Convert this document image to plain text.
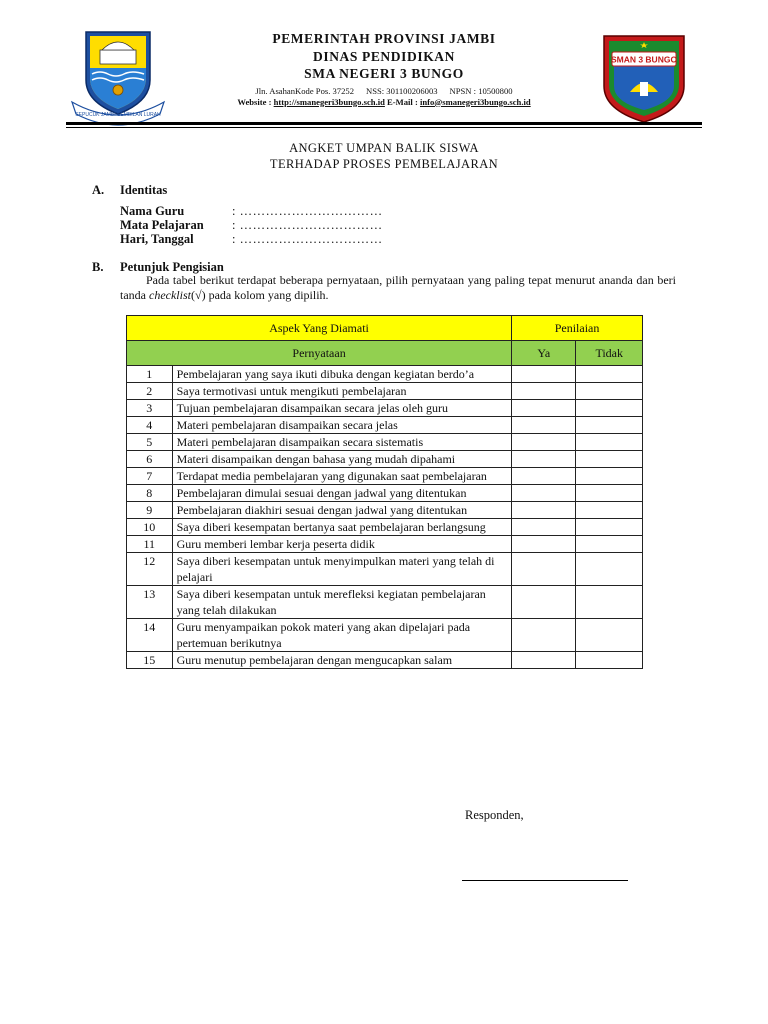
SEPUCUK JAMBI SEMBILAN LURAH
SMAN 3 BUNGO
PEMERINTAH PROVINSI JAMBI
DINAS PENDIDIKAN
SMA NEGERI 3 BUNGO
Jln. AsahanKode Pos. 37252 NSS: 301100206003 NPSN : 10500800
Website : http://smanegeri3bungo.sch.id E-Mail : info@smanegeri3bungo.sch.id
ANGKET UMPAN BALIK SISWA
TERHADAP PROSES PEMBELAJARAN
A. Identitas
Nama Guru	: ……………………………
Mata Pelajaran : ……………………………
Hari, Tanggal	: ……………………………
B. Petunjuk Pengisian
Pada tabel berikut terdapat beberapa pernyataan, pilih pernyataan yang paling tepat menurut ananda dan beri tanda checklist(√) pada kolom yang dipilih.
Aspek Yang Diamati		Penilaian	
Pernyataan		Ya	Tidak
1	Pembelajaran yang saya ikuti dibuka dengan kegiatan berdo’a		
2	Saya termotivasi untuk mengikuti pembelajaran		
3	Tujuan pembelajaran disampaikan secara jelas oleh guru		
4	Materi pembelajaran disampaikan secara jelas		
5	Materi pembelajaran disampaikan secara sistematis		
6	Materi disampaikan dengan bahasa yang mudah dipahami		
7	Terdapat media pembelajaran yang digunakan saat pembelajaran		
8	Pembelajaran dimulai sesuai dengan jadwal yang ditentukan		
9	Pembelajaran diakhiri sesuai dengan jadwal yang ditentukan		
10	Saya diberi kesempatan bertanya saat pembelajaran berlangsung		
11	Guru memberi lembar kerja peserta didik		
12	Saya diberi kesempatan untuk menyimpulkan materi yang telah di pelajari		
13	Saya diberi kesempatan untuk merefleksi kegiatan pembelajaran yang telah dilakukan		
14	Guru menyampaikan pokok materi yang akan dipelajari pada pertemuan berikutnya		
15	Guru menutup pembelajaran dengan mengucapkan salam		
Responden,
